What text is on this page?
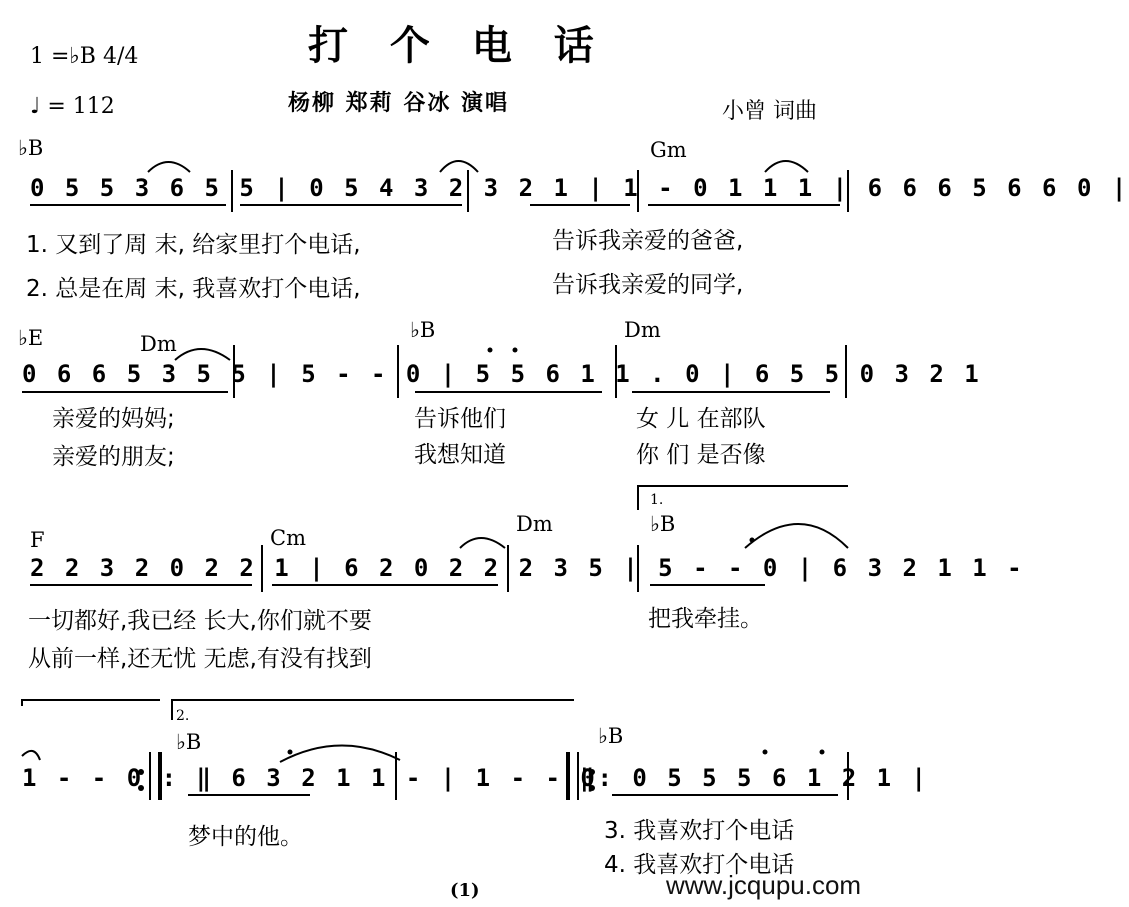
打 个 电 话
1 =♭B 4/4
♩ = 112	杨柳 郑莉 谷冰 演唱	小曾 词曲
♭B	Gm
♭E	Dm
♭B	Dm
F	Cm
Dm	♭B
♭B	♭B
1.
2.
0 5 5 3 6 5 5 | 0 5 4 3 2 3 2 1 | 1 - 0 1 1 1 | 6 6 6 5 6 6 0 |
0 6 6 5 3 5 5 | 5 - - 0 | 5 5 6 1 1 . 0 | 6 5 5 0 3 2 1
2 2 3 2 0 2 2 1 | 6 2 0 2 2 2 3 5 | 5 - - 0 | 6 3 2 1 1 -
1 - - 0 : ‖ 6 3 2 1 1 - | 1 - - 0
‖: 0 5 5 5 6 1 2 1 |
1. 又到了周 末, 给家里打个电话,	告诉我亲爱的爸爸,
2. 总是在周 末, 我喜欢打个电话,	告诉我亲爱的同学,
亲爱的妈妈;	告诉他们	女 儿 在部队
亲爱的朋友;	我想知道	你 们 是否像
一切都好,我已经 长大,你们就不要	把我牵挂。
从前一样,还无忧 无虑,有没有找到
梦中的他。	3. 我喜欢打个电话
4. 我喜欢打个电话
(1)	www.jcqupu.com
